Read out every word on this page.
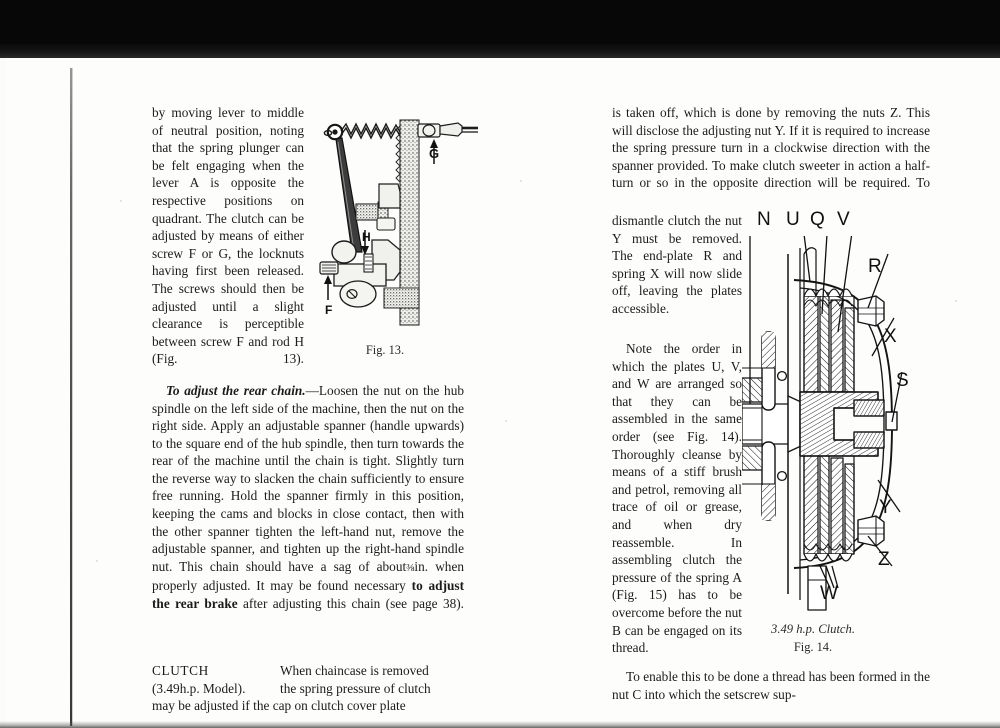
by moving lever to middle of neutral position, noting that the spring plunger can be felt engaging when the lever A is opposite the respective positions on quadrant. The clutch can be adjusted by means of either screw F or G, the locknuts having first been released. The screws should then be adjusted until a slight clearance is perceptible between screw F and rod H (Fig. 13).

To adjust the rear chain.—Loosen the nut on the hub spindle on the left side of the machine, then the nut on the right side. Apply an adjustable spanner (handle upwards) to the square end of the hub spindle, then turn towards the rear of the machine until the chain is tight. Slightly turn the reverse way to slacken the chain sufficiently to ensure free running. Hold the spanner firmly in this position, keeping the cams and blocks in close contact, then with the other spanner tighten the left-hand nut, remove the adjustable spanner, and tighten up the right-hand spindle nut. This chain should have a sag of about⅜in. when properly adjusted. It may be found necessary to adjust the rear brake after adjusting this chain (see page 38).

CLUTCH
(3.49h.p. Model).
When chaincase is removed
the spring pressure of clutch
may be adjusted if the cap on clutch cover plate
G
H
F
Fig. 13.

is taken off, which is done by removing the nuts Z. This will disclose the adjusting nut Y. If it is required to increase the spring pressure turn in a clockwise direction with the spanner provided. To make clutch sweeter in action a half-turn or so in the opposite direction will be required. To

dismantle clutch the nut Y must be removed. The end-plate R and spring X will now slide off, leaving the plates accessible.

Note the order in which the plates U, V, and W are arranged so that they can be assembled in the same order (see Fig. 14). Thoroughly cleanse by means of a stiff brush and petrol, removing all trace of oil or grease, and when dry reassemble. In assembling clutch the pressure of the spring A (Fig. 15) has to be overcome before the nut B can be engaged on its thread.

To enable this to be done a thread has been formed in the nut C into which the setscrew sup-

N U Q V
R
X
S
Y
Z
W
3.49 h.p. Clutch.
Fig. 14.
